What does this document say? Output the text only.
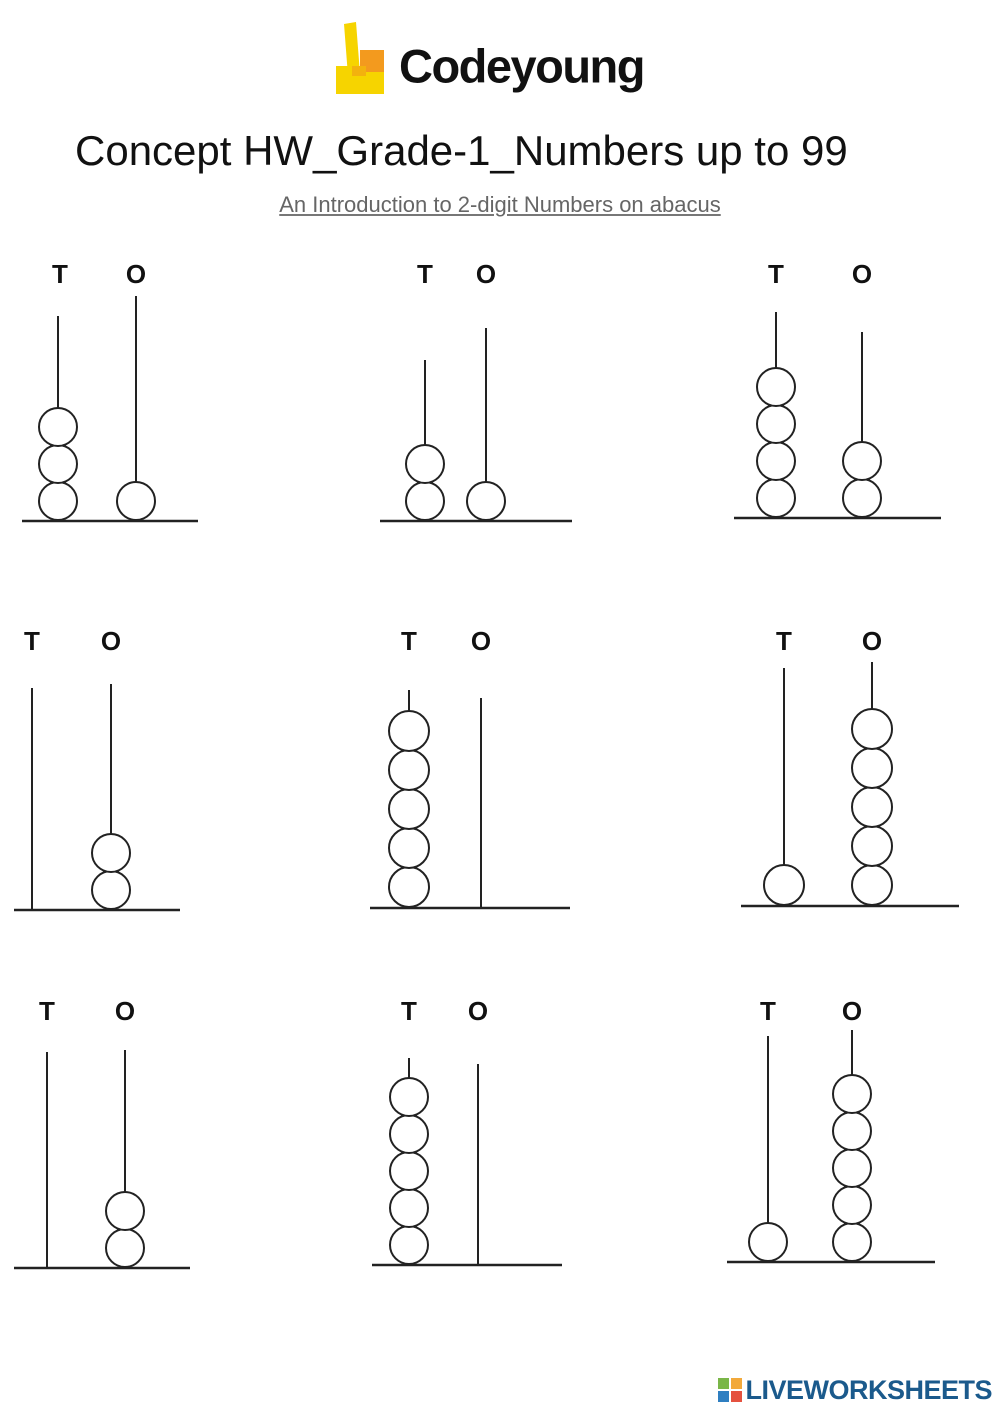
Codeyoung
Concept HW_Grade-1_Numbers up to 99
An Introduction to 2-digit Numbers on abacus
T O	T O	T	O
T O	T O	T	O
T O	T O	T	O
LIVEWORKSHEETS
